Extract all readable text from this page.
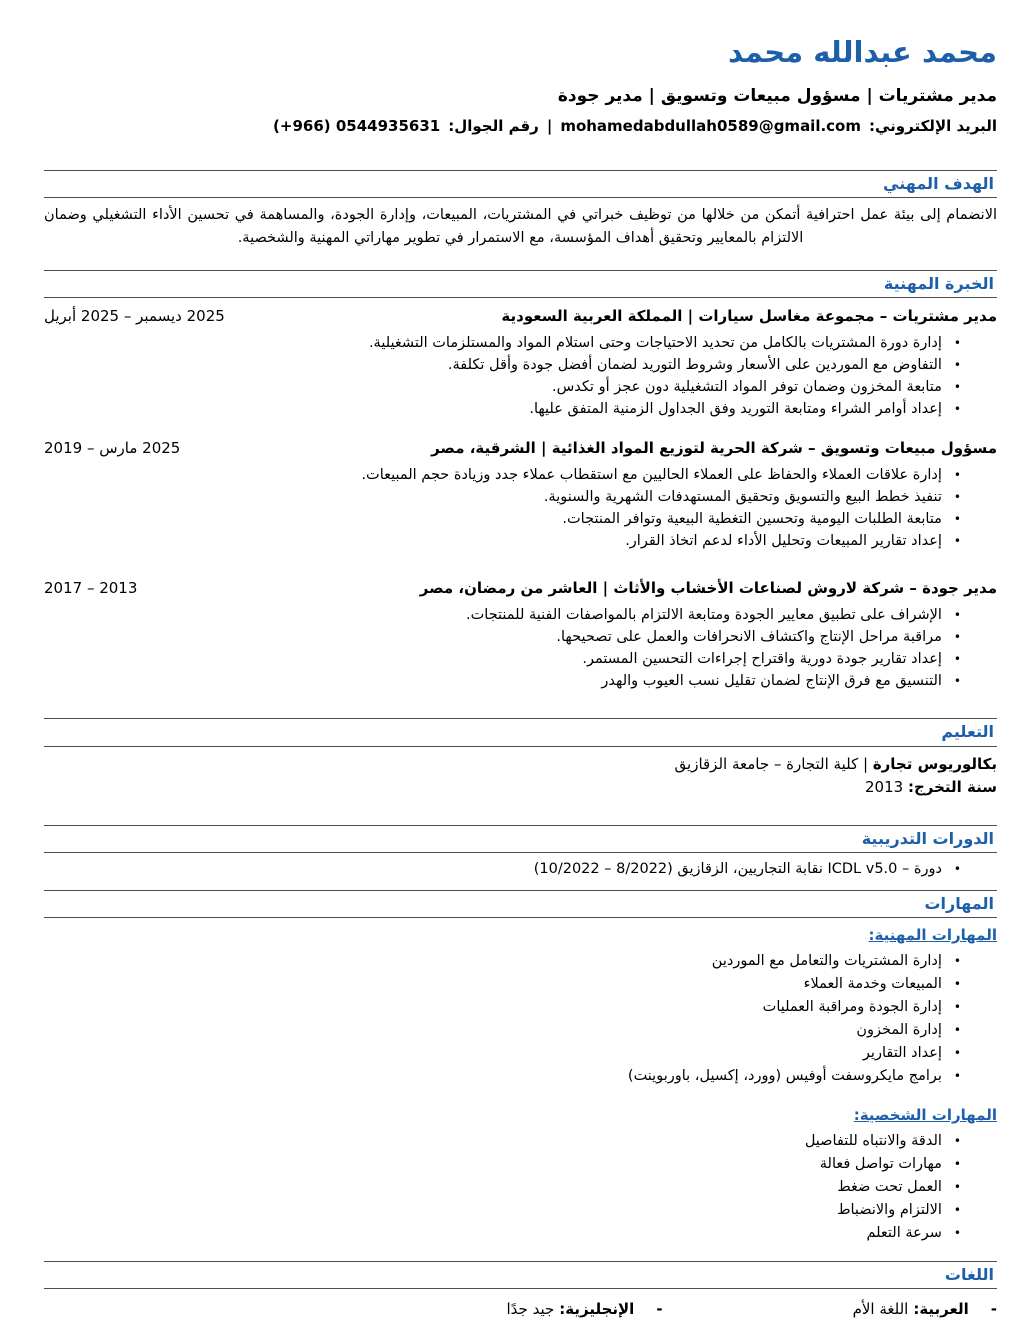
محمد عبدالله محمد
مدير مشتريات | مسؤول مبيعات وتسويق | مدير جودة
(+966) 0544935631 رقم الجوال: | mohamedabdullah0589@gmail.com البريد الإلكتروني:
الهدف المهني

الانضمام إلى بيئة عمل احترافية أتمكن من خلالها من توظيف خبراتي في المشتريات، المبيعات، وإدارة الجودة، والمساهمة في تحسين الأداء التشغيلي وضمان الالتزام بالمعايير وتحقيق أهداف المؤسسة، مع الاستمرار في تطوير مهاراتي المهنية والشخصية.

الخبرة المهنية
مدير مشتريات – مجموعة مغاسل سيارات | المملكة العربية السعودية
أبريل‎ 2025 – ديسمبر‎ 2025
•
إدارة دورة المشتريات بالكامل من تحديد الاحتياجات وحتى استلام المواد والمستلزمات التشغيلية.
•
التفاوض مع الموردين على الأسعار وشروط التوريد لضمان أفضل جودة وأقل تكلفة.
•
متابعة المخزون وضمان توفر المواد التشغيلية دون عجز أو تكدس.
•
إعداد أوامر الشراء ومتابعة التوريد وفق الجداول الزمنية المتفق عليها.
مسؤول مبيعات وتسويق – شركة الحرية لتوزيع المواد الغذائية | الشرقية، مصر
2019 – مارس‎ 2025
•
إدارة علاقات العملاء والحفاظ على العملاء الحاليين مع استقطاب عملاء جدد وزيادة حجم المبيعات.
•
تنفيذ خطط البيع والتسويق وتحقيق المستهدفات الشهرية والسنوية.
•
متابعة الطلبات اليومية وتحسين التغطية البيعية وتوافر المنتجات.
•
إعداد تقارير المبيعات وتحليل الأداء لدعم اتخاذ القرار.
مدير جودة – شركة لاروش لصناعات الأخشاب والأثاث | العاشر من رمضان، مصر
2017 – 2013
•
الإشراف على تطبيق معايير الجودة ومتابعة الالتزام بالمواصفات الفنية للمنتجات.
•
مراقبة مراحل الإنتاج واكتشاف الانحرافات والعمل على تصحيحها.
•
إعداد تقارير جودة دورية واقتراح إجراءات التحسين المستمر.
•
التنسيق مع فرق الإنتاج لضمان تقليل نسب العيوب والهدر
التعليم
بكالوريوس تجارة | كلية التجارة – جامعة الزقازيق
سنة التخرج: 2013
الدورات التدريبية
•
دورة – ICDL v5.0 نقابة التجاريين، الزقازيق (8/2022 – 10/2022)
المهارات
المهارات المهنية:
•
إدارة المشتريات والتعامل مع الموردين
•
المبيعات وخدمة العملاء
•
إدارة الجودة ومراقبة العمليات
•
إدارة المخزون
•
إعداد التقارير
•
برامج مايكروسفت أوفيس (وورد، إكسيل، باوربوينت)
المهارات الشخصية:
•
الدقة والانتباه للتفاصيل
•
مهارات تواصل فعالة
•
العمل تحت ضغط
•
الالتزام والانضباط
•
سرعة التعلم
اللغات
-
العربية:
اللغة الأم
-
الإنجليزية:
جيد جدًا
